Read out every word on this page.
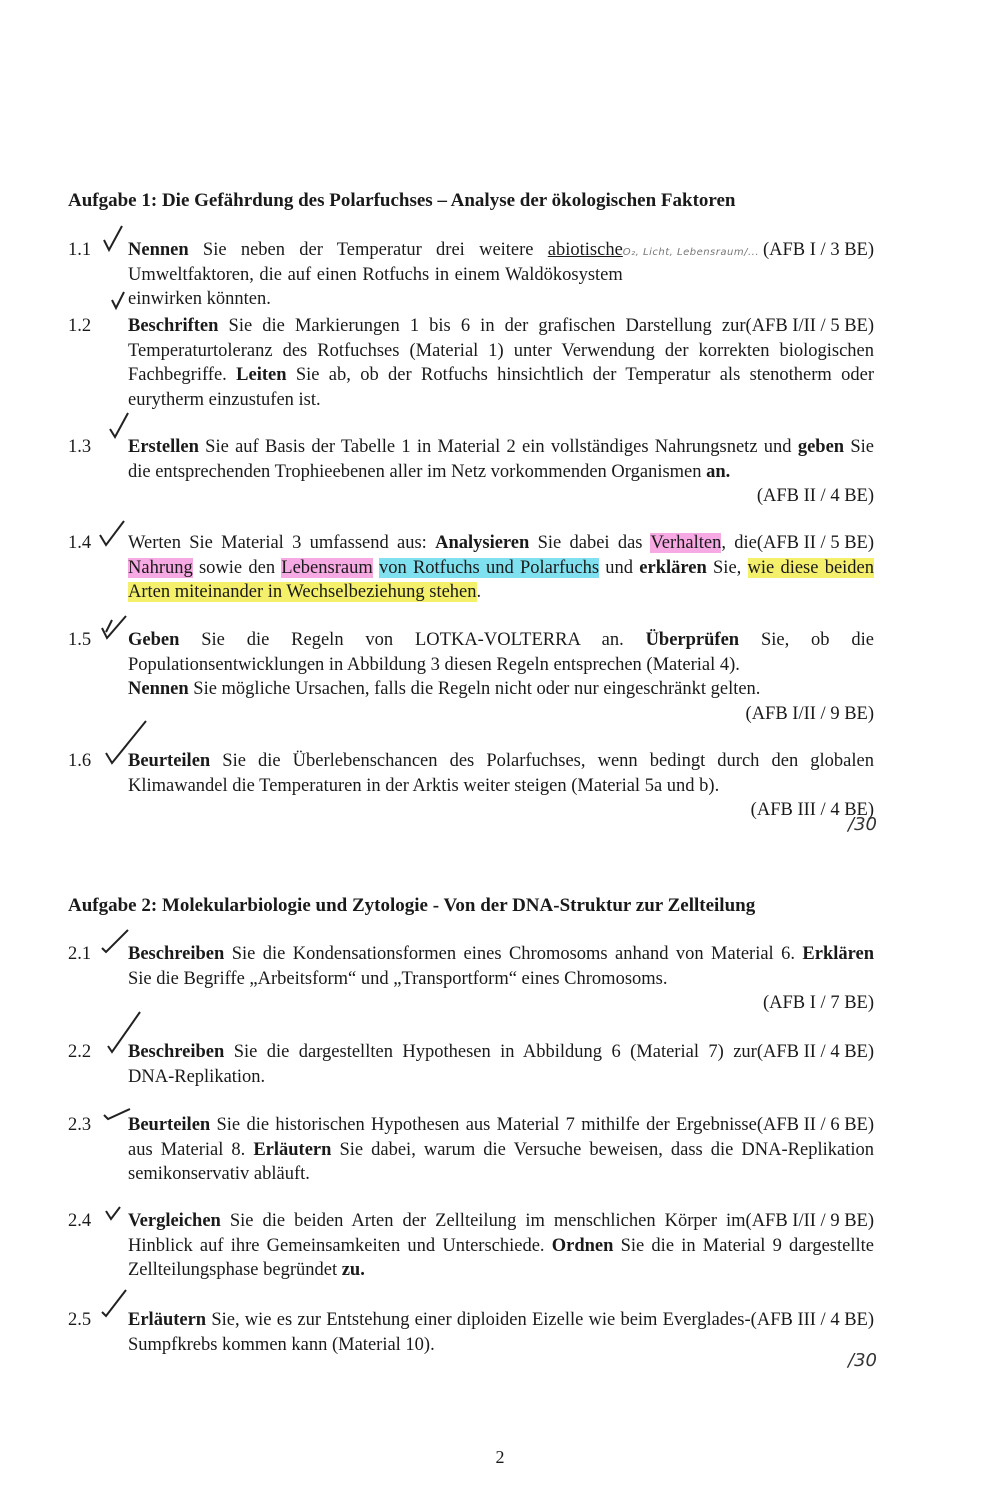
Aufgabe 1: Die Gefährdung des Polarfuchses – Analyse der ökologischen Faktoren
1.1	O₂, Licht, Lebensraum/... (AFB I / 3 BE)
Nennen Sie neben der Temperatur drei weitere abiotische Umweltfaktoren, die auf einen Rotfuchs in einem Waldökosystem einwirken könnten.
1.2	(AFB I/II / 5 BE)
Beschriften Sie die Markierungen 1 bis 6 in der grafischen Darstellung zur Temperaturtoleranz des Rotfuchses (Material 1) unter Verwendung der korrekten biologischen Fachbegriffe. Leiten Sie ab, ob der Rotfuchs hinsichtlich der Temperatur als stenotherm oder eurytherm einzustufen ist.
1.3	Erstellen Sie auf Basis der Tabelle 1 in Material 2 ein vollständiges Nahrungsnetz und geben Sie die entsprechenden Trophieebenen aller im Netz vorkommenden Organismen an.
(AFB II / 4 BE)
1.4	(AFB II / 5 BE)
Werten Sie Material 3 umfassend aus: Analysieren Sie dabei das Verhalten, die Nahrung sowie den Lebensraum von Rotfuchs und Polarfuchs und erklären Sie, wie diese beiden Arten miteinander in Wechselbeziehung stehen.
1.5	Geben Sie die Regeln von LOTKA-VOLTERRA an. Überprüfen Sie, ob die Populationsentwicklungen in Abbildung 3 diesen Regeln entsprechen (Material 4).
Nennen Sie mögliche Ursachen, falls die Regeln nicht oder nur eingeschränkt gelten.
(AFB I/II / 9 BE)
1.6	Beurteilen Sie die Überlebenschancen des Polarfuchses, wenn bedingt durch den globalen Klimawandel die Temperaturen in der Arktis weiter steigen (Material 5a und b).
(AFB III / 4 BE)
/30
Aufgabe 2: Molekularbiologie und Zytologie - Von der DNA-Struktur zur Zellteilung
2.1	Beschreiben Sie die Kondensationsformen eines Chromosoms anhand von Material 6. Erklären Sie die Begriffe „Arbeitsform“ und „Transportform“ eines Chromosoms.
(AFB I / 7 BE)
2.2	(AFB II / 4 BE)
Beschreiben Sie die dargestellten Hypothesen in Abbildung 6 (Material 7) zur DNA-Replikation.
2.3	(AFB II / 6 BE)
Beurteilen Sie die historischen Hypothesen aus Material 7 mithilfe der Ergebnisse aus Material 8. Erläutern Sie dabei, warum die Versuche beweisen, dass die DNA-Replikation semikonservativ abläuft.
2.4	(AFB I/II / 9 BE)
Vergleichen Sie die beiden Arten der Zellteilung im menschlichen Körper im Hinblick auf ihre Gemeinsamkeiten und Unterschiede. Ordnen Sie die in Material 9 dargestellte Zellteilungsphase begründet zu.
2.5	(AFB III / 4 BE)
Erläutern Sie, wie es zur Entstehung einer diploiden Eizelle wie beim Everglades-Sumpfkrebs kommen kann (Material 10).
/30
2
